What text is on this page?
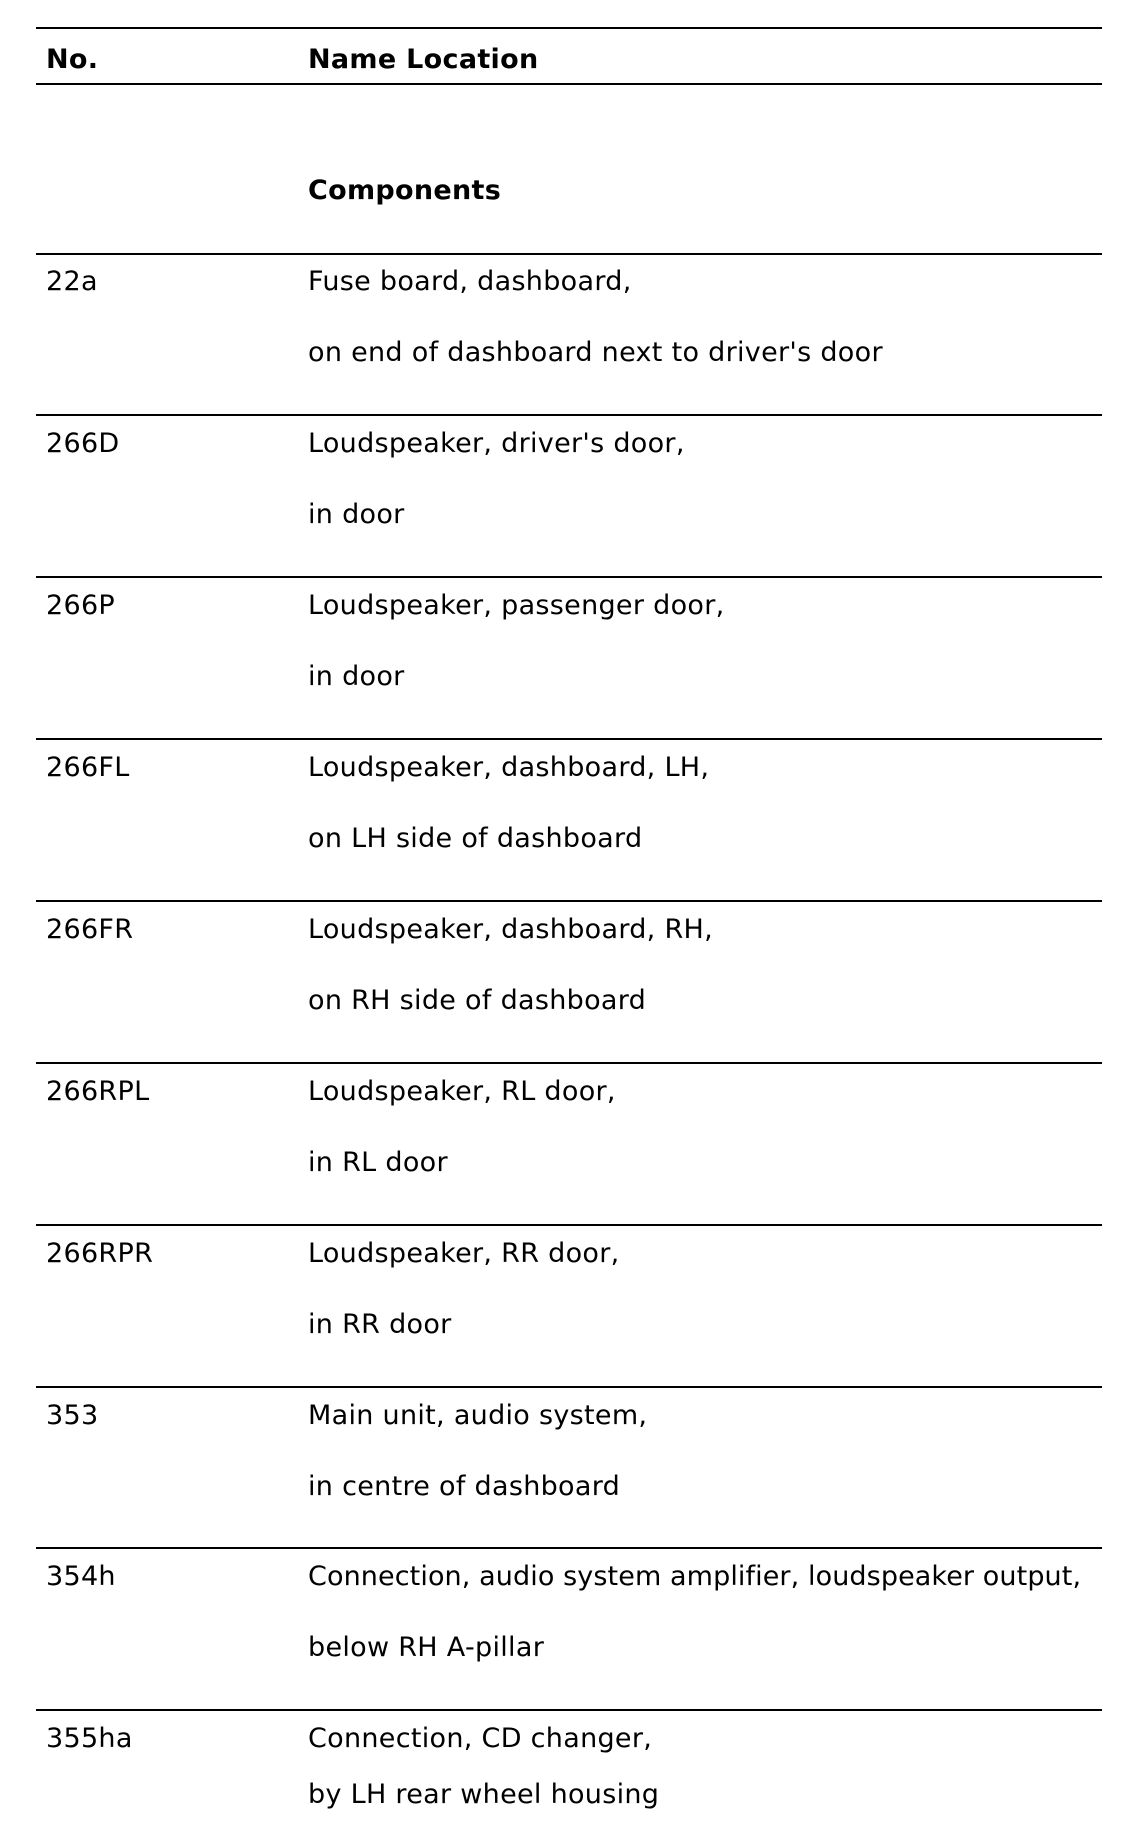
No.	Name Location
Components
22a	Fuse board, dashboard,
on end of dashboard next to driver's door
266D	Loudspeaker, driver's door,
in door
266P	Loudspeaker, passenger door,
in door
266FL	Loudspeaker, dashboard, LH,
on LH side of dashboard
266FR	Loudspeaker, dashboard, RH,
on RH side of dashboard
266RPL	Loudspeaker, RL door,
in RL door
266RPR	Loudspeaker, RR door,
in RR door
353	Main unit, audio system,
in centre of dashboard
354h	Connection, audio system amplifier, loudspeaker output,
below RH A-pillar
355ha	Connection, CD changer,
by LH rear wheel housing
